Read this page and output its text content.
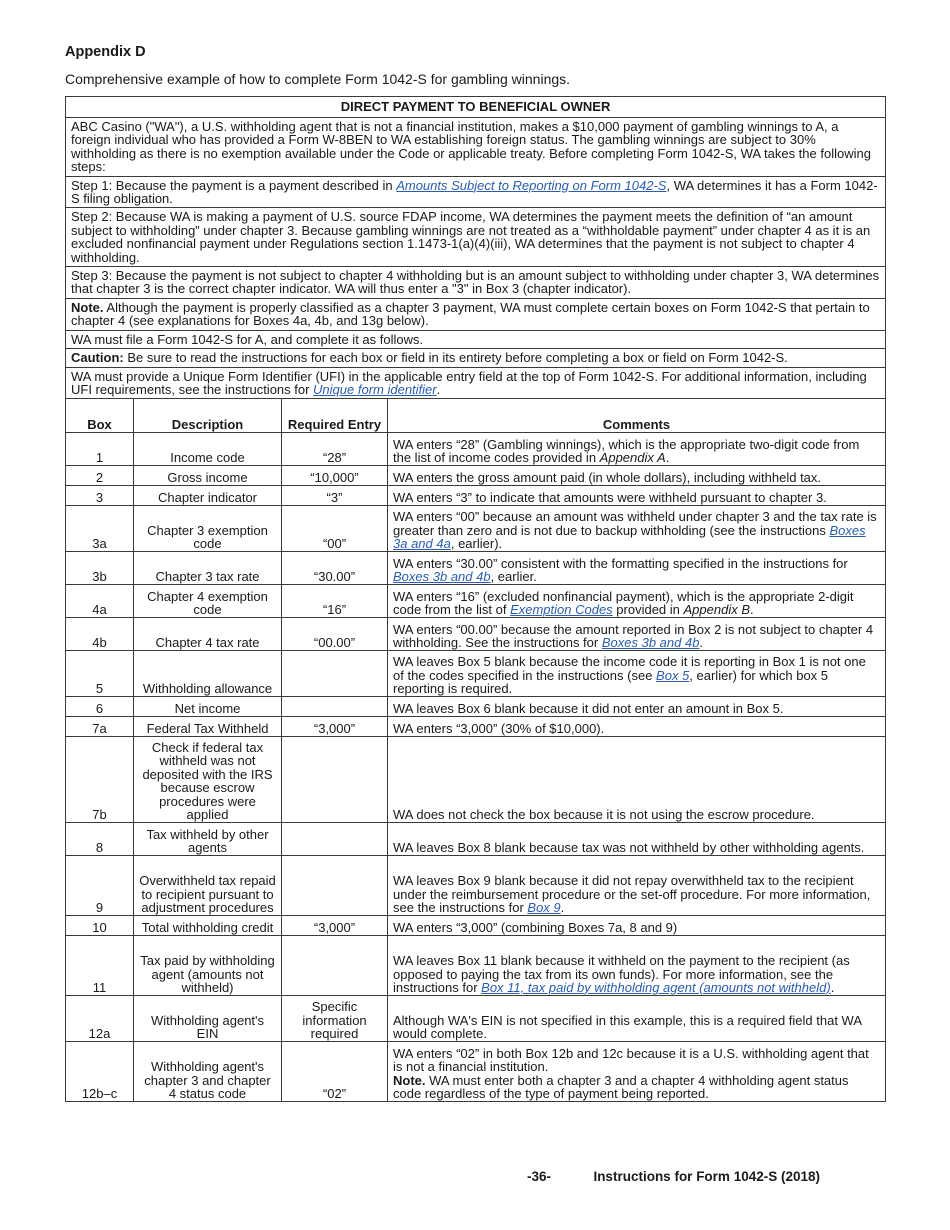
Appendix D
Comprehensive example of how to complete Form 1042-S for gambling winnings.
DIRECT PAYMENT TO BENEFICIAL OWNER			
ABC Casino ("WA"), a U.S. withholding agent that is not a financial institution, makes a $10,000 payment of gambling winnings to A, a foreign individual who has provided a Form W-8BEN to WA establishing foreign status. The gambling winnings are subject to 30% withholding as there is no exemption available under the Code or applicable treaty. Before completing Form 1042-S, WA takes the following steps:			
Step 1: Because the payment is a payment described in Amounts Subject to Reporting on Form 1042-S, WA determines it has a Form 1042-S filing obligation.			
Step 2: Because WA is making a payment of U.S. source FDAP income, WA determines the payment meets the definition of “an amount subject to withholding” under chapter 3. Because gambling winnings are not treated as a “withholdable payment” under chapter 4 as it is an excluded nonfinancial payment under Regulations section 1.1473-1(a)(4)(iii), WA determines that the payment is not subject to chapter 4 withholding.			
Step 3: Because the payment is not subject to chapter 4 withholding but is an amount subject to withholding under chapter 3, WA determines that chapter 3 is the correct chapter indicator. WA will thus enter a "3" in Box 3 (chapter indicator).			
Note. Although the payment is properly classified as a chapter 3 payment, WA must complete certain boxes on Form 1042-S that pertain to chapter 4 (see explanations for Boxes 4a, 4b, and 13g below).			
WA must file a Form 1042-S for A, and complete it as follows.			
Caution: Be sure to read the instructions for each box or field in its entirety before completing a box or field on Form 1042-S.			
WA must provide a Unique Form Identifier (UFI) in the applicable entry field at the top of Form 1042-S. For additional information, including UFI requirements, see the instructions for Unique form identifier.			
Box	Description	Required Entry	Comments
1	Income code	“28”	WA enters “28” (Gambling winnings), which is the appropriate two-digit code from the list of income codes provided in Appendix A.
2	Gross income	“10,000”	WA enters the gross amount paid (in whole dollars), including withheld tax.
3	Chapter indicator	“3”	WA enters “3” to indicate that amounts were withheld pursuant to chapter 3.
3a	Chapter 3 exemption code	“00”	WA enters “00” because an amount was withheld under chapter 3 and the tax rate is greater than zero and is not due to backup withholding (see the instructions Boxes 3a and 4a, earlier).
3b	Chapter 3 tax rate	“30.00”	WA enters “30.00” consistent with the formatting specified in the instructions for Boxes 3b and 4b, earlier.
4a	Chapter 4 exemption code	“16”	WA enters “16” (excluded nonfinancial payment), which is the appropriate 2-digit code from the list of Exemption Codes provided in Appendix B.
4b	Chapter 4 tax rate	“00.00”	WA enters “00.00” because the amount reported in Box 2 is not subject to chapter 4 withholding. See the instructions for Boxes 3b and 4b.
5	Withholding allowance		WA leaves Box 5 blank because the income code it is reporting in Box 1 is not one of the codes specified in the instructions (see Box 5, earlier) for which box 5 reporting is required.
6	Net income		WA leaves Box 6 blank because it did not enter an amount in Box 5.
7a	Federal Tax Withheld	“3,000”	WA enters “3,000” (30% of $10,000).
7b	Check if federal tax withheld was not deposited with the IRS because escrow procedures were applied		WA does not check the box because it is not using the escrow procedure.
8	Tax withheld by other agents		WA leaves Box 8 blank because tax was not withheld by other withholding agents.
9	Overwithheld tax repaid to recipient pursuant to adjustment procedures		WA leaves Box 9 blank because it did not repay overwithheld tax to the recipient under the reimbursement procedure or the set-off procedure. For more information, see the instructions for Box 9.
10	Total withholding credit	“3,000”	WA enters “3,000” (combining Boxes 7a, 8 and 9)
11	Tax paid by withholding agent (amounts not withheld)		WA leaves Box 11 blank because it withheld on the payment to the recipient (as opposed to paying the tax from its own funds). For more information, see the instructions for Box 11, tax paid by withholding agent (amounts not withheld).
12a	Withholding agent's EIN	Specific information required	Although WA's EIN is not specified in this example, this is a required field that WA would complete.
12b–c	Withholding agent's chapter 3 and chapter 4 status code	“02”	WA enters “02” in both Box 12b and 12c because it is a U.S. withholding agent that is not a financial institution.
Note. WA must enter both a chapter 3 and a chapter 4 withholding agent status code regardless of the type of payment being reported.
-36-	Instructions for Form 1042-S (2018)
